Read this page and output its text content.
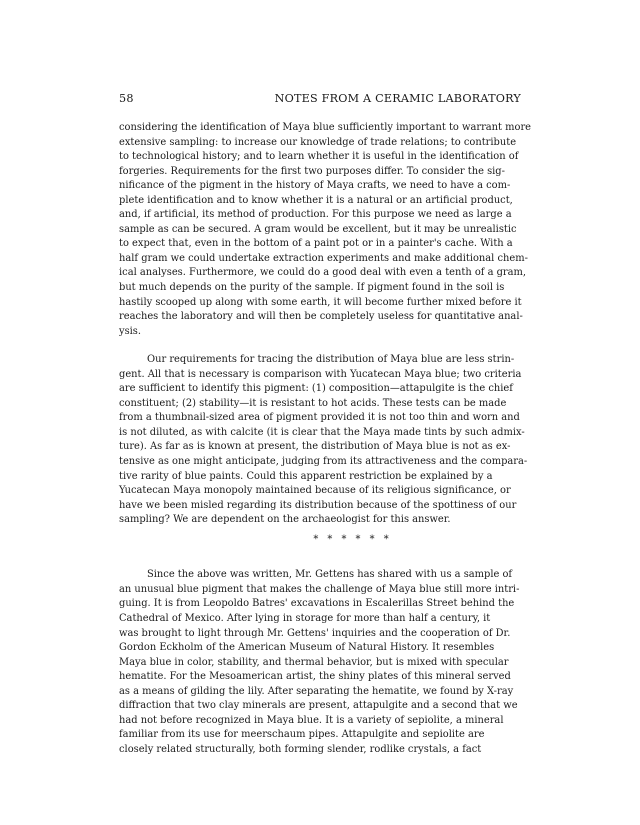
58	NOTES FROM A CERAMIC LABORATORY

considering the identification of Maya blue sufficiently important to warrant more
extensive sampling: to increase our knowledge of trade relations; to contribute
to technological history; and to learn whether it is useful in the identification of
forgeries. Requirements for the first two purposes differ. To consider the sig-
nificance of the pigment in the history of Maya crafts, we need to have a com-
plete identification and to know whether it is a natural or an artificial product,
and, if artificial, its method of production. For this purpose we need as large a
sample as can be secured. A gram would be excellent, but it may be unrealistic
to expect that, even in the bottom of a paint pot or in a painter's cache. With a
half gram we could undertake extraction experiments and make additional chem-
ical analyses. Furthermore, we could do a good deal with even a tenth of a gram,
but much depends on the purity of the sample. If pigment found in the soil is
hastily scooped up along with some earth, it will become further mixed before it
reaches the laboratory and will then be completely useless for quantitative anal-
ysis.

Our requirements for tracing the distribution of Maya blue are less strin-
gent. All that is necessary is comparison with Yucatecan Maya blue; two criteria
are sufficient to identify this pigment: (1) composition—attapulgite is the chief
constituent; (2) stability—it is resistant to hot acids. These tests can be made
from a thumbnail-sized area of pigment provided it is not too thin and worn and
is not diluted, as with calcite (it is clear that the Maya made tints by such admix-
ture). As far as is known at present, the distribution of Maya blue is not as ex-
tensive as one might anticipate, judging from its attractiveness and the compara-
tive rarity of blue paints. Could this apparent restriction be explained by a
Yucatecan Maya monopoly maintained because of its religious significance, or
have we been misled regarding its distribution because of the spottiness of our
sampling? We are dependent on the archaeologist for this answer.

* * * * * *

Since the above was written, Mr. Gettens has shared with us a sample of
an unusual blue pigment that makes the challenge of Maya blue still more intri-
guing. It is from Leopoldo Batres' excavations in Escalerillas Street behind the
Cathedral of Mexico. After lying in storage for more than half a century, it
was brought to light through Mr. Gettens' inquiries and the cooperation of Dr.
Gordon Eckholm of the American Museum of Natural History. It resembles
Maya blue in color, stability, and thermal behavior, but is mixed with specular
hematite. For the Mesoamerican artist, the shiny plates of this mineral served
as a means of gilding the lily. After separating the hematite, we found by X-ray
diffraction that two clay minerals are present, attapulgite and a second that we
had not before recognized in Maya blue. It is a variety of sepiolite, a mineral
familiar from its use for meerschaum pipes. Attapulgite and sepiolite are
closely related structurally, both forming slender, rodlike crystals, a fact
